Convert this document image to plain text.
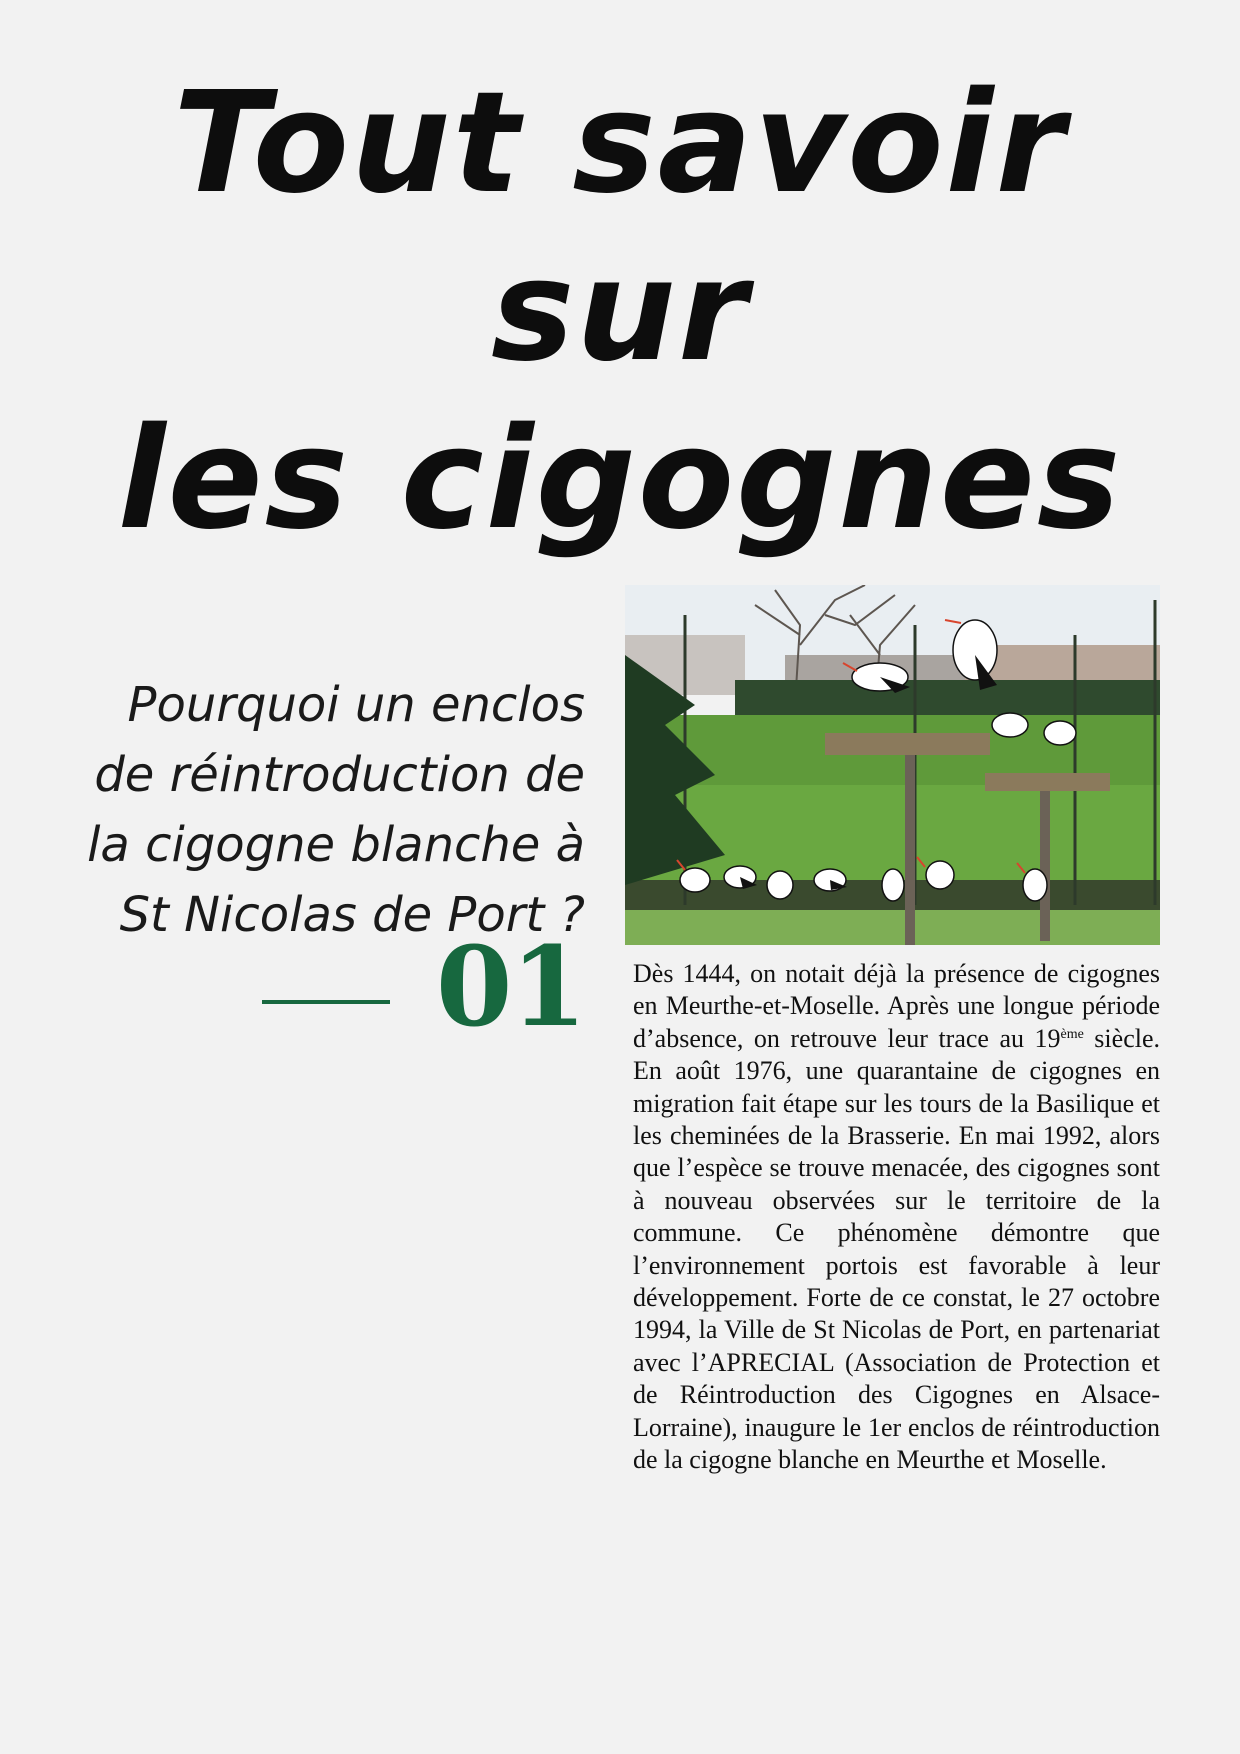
Tout savoir sur
les cigognes

Pourquoi un enclos
de réintroduction de
la cigogne blanche à
St Nicolas de Port ?

01 Dès 1444, on notait déjà la présence de cigognes en Meurthe-et-Moselle. Après une longue période d’absence, on retrouve leur trace au 19ème siècle. En août 1976, une quarantaine de cigognes en migration fait étape sur les tours de la Basilique et les cheminées de la Brasserie. En mai 1992, alors que l’espèce se trouve menacée, des cigognes sont à nouveau observées sur le territoire de la commune. Ce phénomène démontre que l’environnement portois est favorable à leur développement. Forte de ce constat, le 27 octobre 1994, la Ville de St Nicolas de Port, en partenariat avec l’APRECIAL (Association de Protection et de Réintroduction des Cigognes en Alsace-Lorraine), inaugure le 1er enclos de réintroduction de la cigogne blanche en Meurthe et Moselle.
